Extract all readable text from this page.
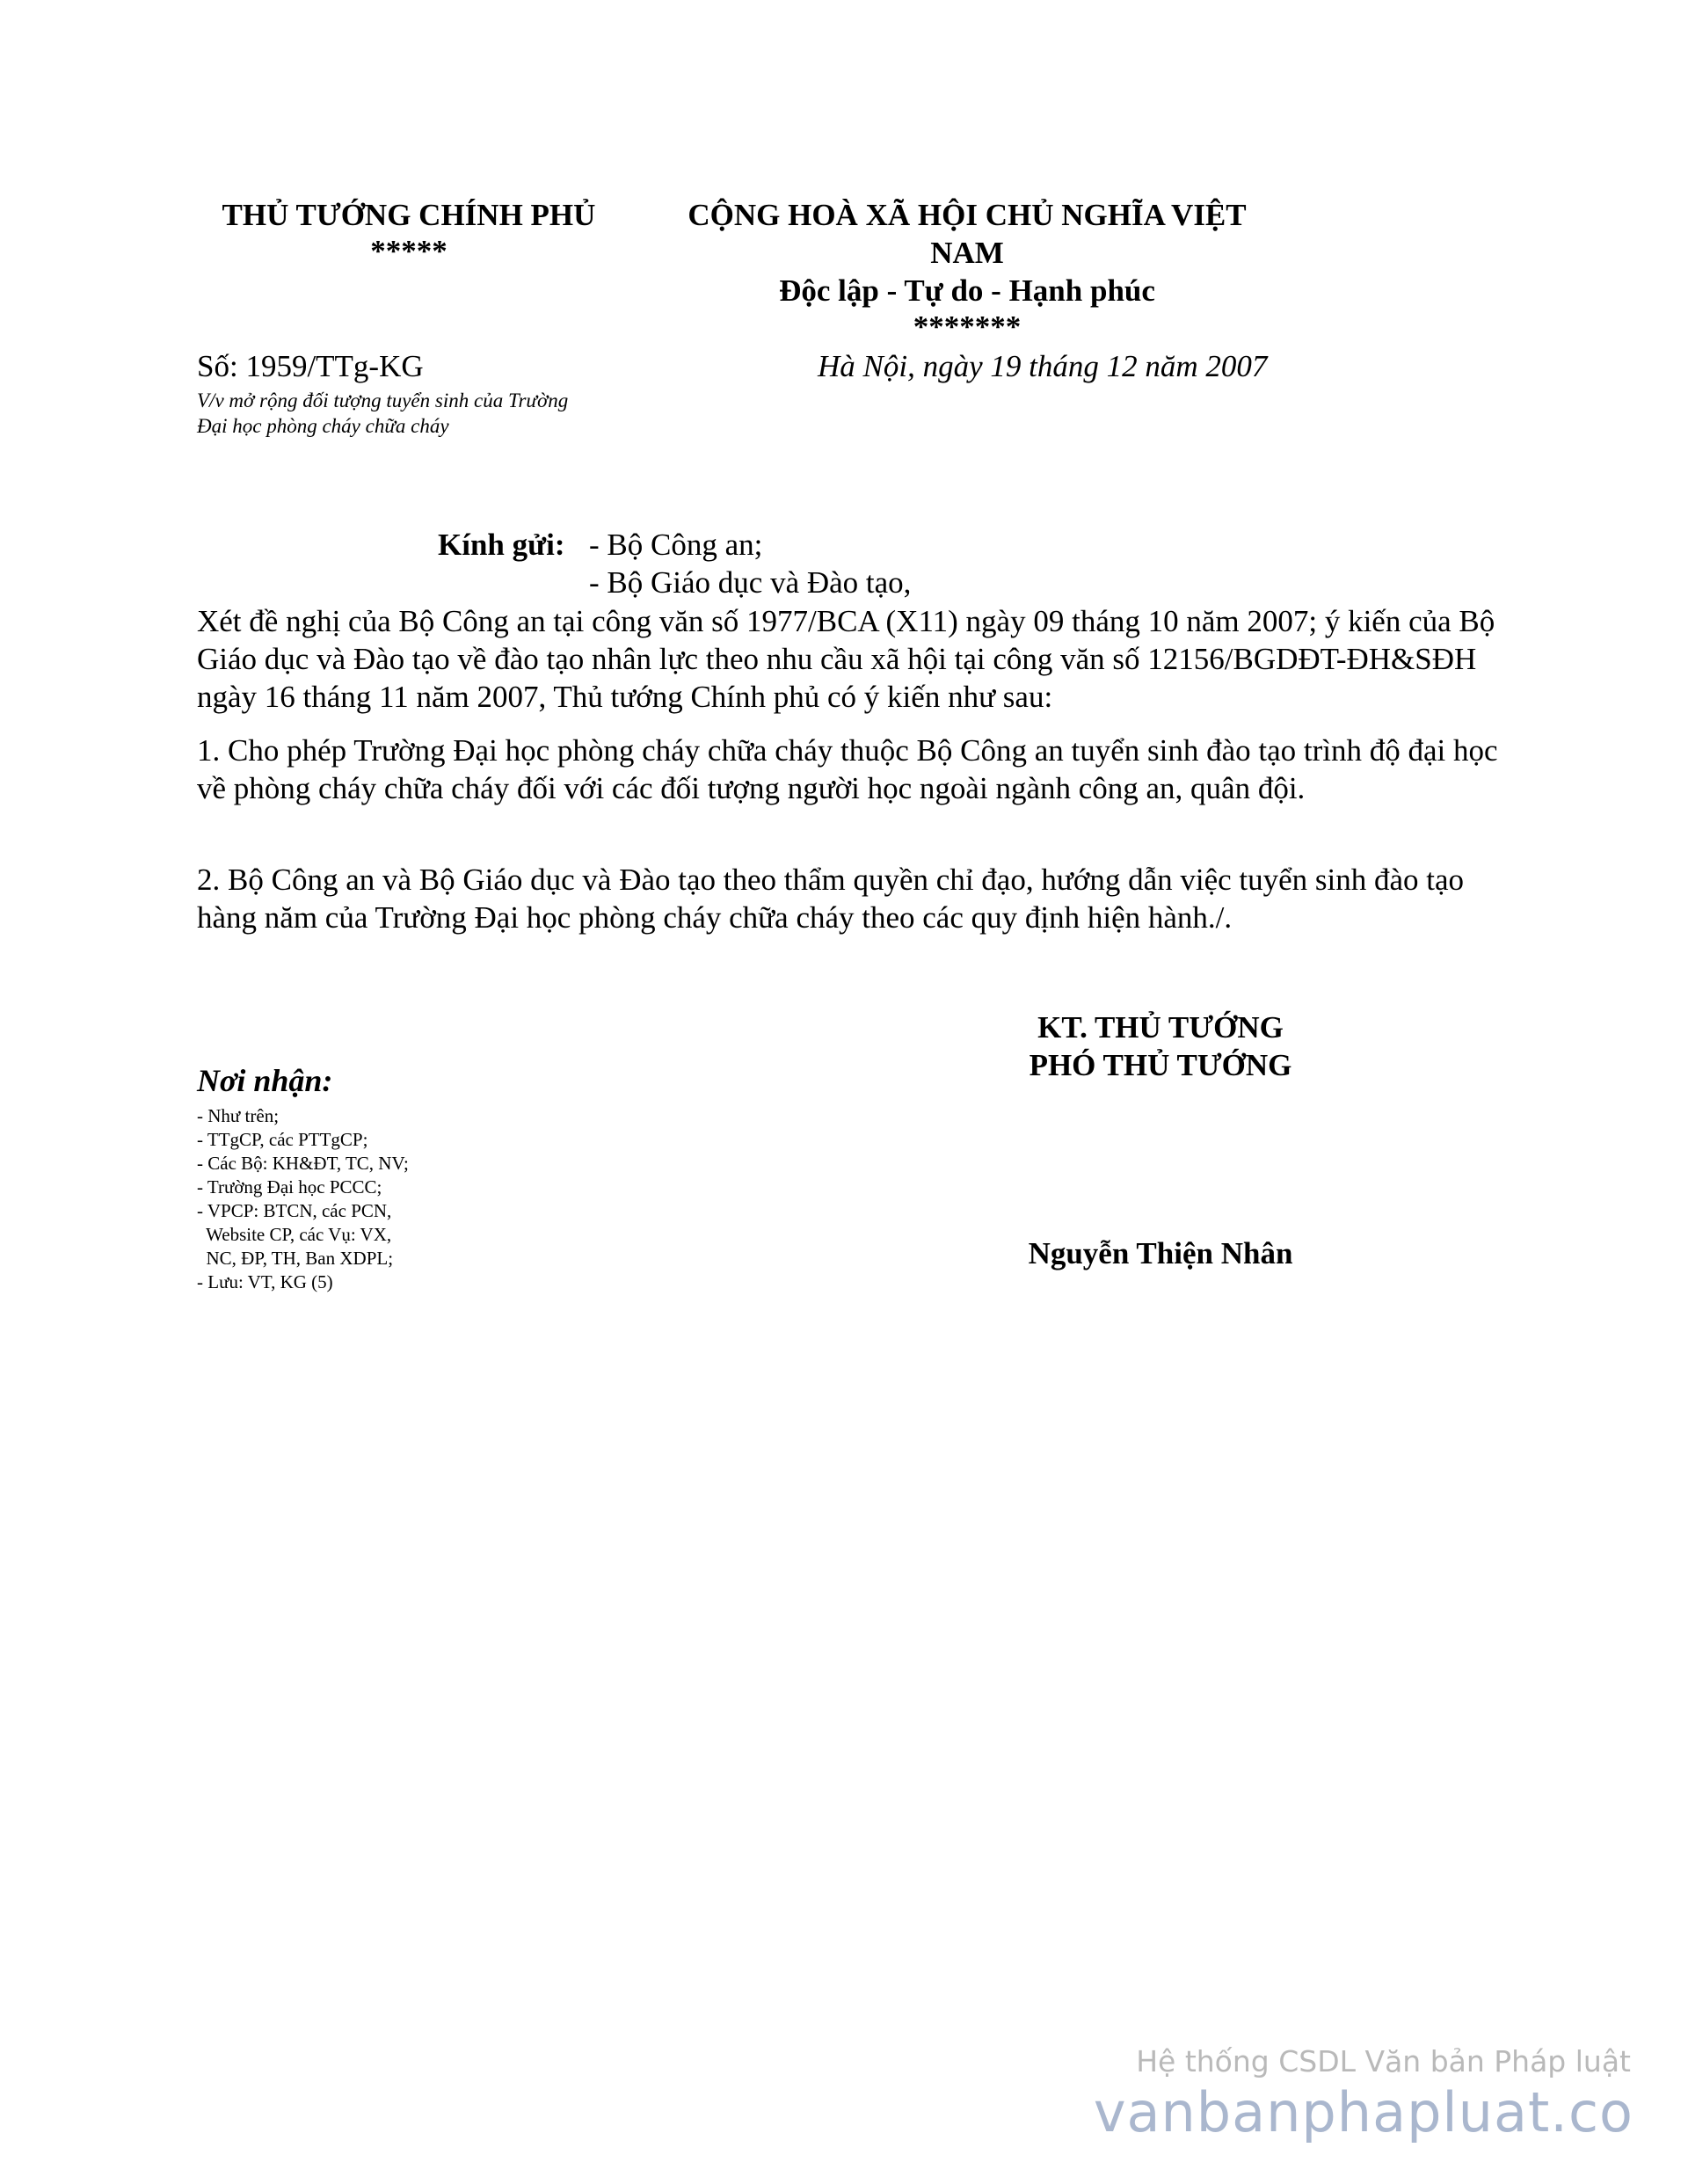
THỦ TƯỚNG CHÍNH PHỦ
*****
CỘNG HOÀ XÃ HỘI CHỦ NGHĨA VIỆT
NAM
Độc lập - Tự do - Hạnh phúc
*******
Số: 1959/TTg-KG	Hà Nội, ngày 19 tháng 12 năm 2007
V/v mở rộng đối tượng tuyển sinh của Trường
Đại học phòng cháy chữa cháy
Kính gửi: - Bộ Công an;
- Bộ Giáo dục và Đào tạo,

Xét đề nghị của Bộ Công an tại công văn số 1977/BCA (X11) ngày 09 tháng 10 năm 2007; ý kiến của Bộ Giáo dục và Đào tạo về đào tạo nhân lực theo nhu cầu xã hội tại công văn số 12156/BGDĐT-ĐH&SĐH ngày 16 tháng 11 năm 2007, Thủ tướng Chính phủ có ý kiến như sau:

1. Cho phép Trường Đại học phòng cháy chữa cháy thuộc Bộ Công an tuyển sinh đào tạo trình độ đại học về phòng cháy chữa cháy đối với các đối tượng người học ngoài ngành công an, quân đội.

2. Bộ Công an và Bộ Giáo dục và Đào tạo theo thẩm quyền chỉ đạo, hướng dẫn việc tuyển sinh đào tạo hàng năm của Trường Đại học phòng cháy chữa cháy theo các quy định hiện hành./.

KT. THỦ TƯỚNG
PHÓ THỦ TƯỚNG
Nguyễn Thiện Nhân
Nơi nhận:
- Như trên;
- TTgCP, các PTTgCP;
- Các Bộ: KH&ĐT, TC, NV;
- Trường Đại học PCCC;
- VPCP: BTCN, các PCN,
Website CP, các Vụ: VX,
NC, ĐP, TH, Ban XDPL;
- Lưu: VT, KG (5)
Hệ thống CSDL Văn bản Pháp luật
vanbanphapluat.co
